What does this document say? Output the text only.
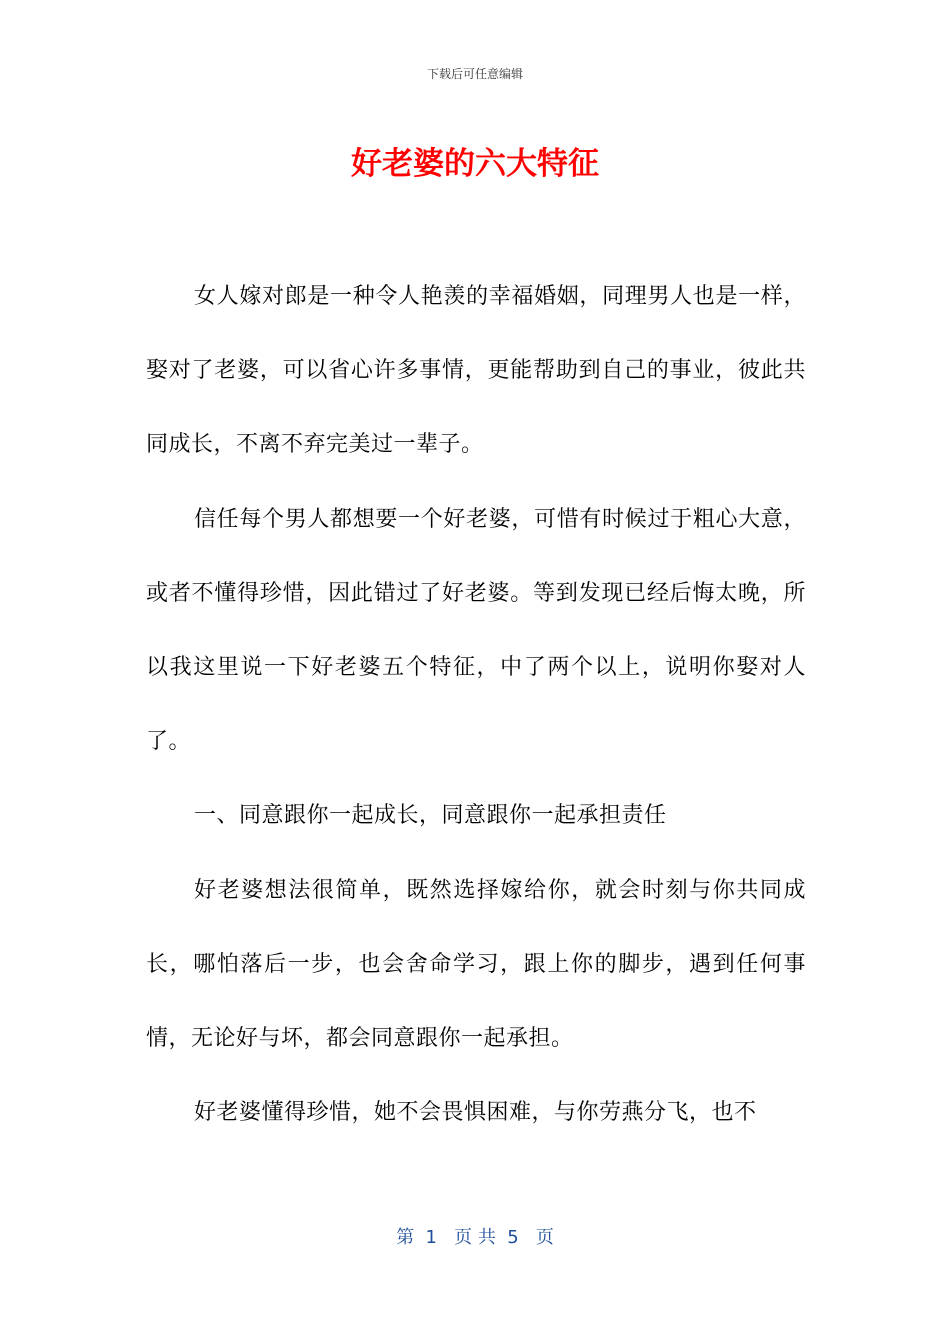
下载后可任意编辑
好老婆的六大特征

女人嫁对郎是一种令人艳羡的幸福婚姻，同理男人也是一样，娶对了老婆，可以省心许多事情，更能帮助到自己的事业，彼此共同成长，不离不弃完美过一辈子。

信任每个男人都想要一个好老婆，可惜有时候过于粗心大意，或者不懂得珍惜，因此错过了好老婆。等到发现已经后悔太晚，所以我这里说一下好老婆五个特征，中了两个以上，说明你娶对人了。

一、同意跟你一起成长，同意跟你一起承担责任

好老婆想法很简单，既然选择嫁给你，就会时刻与你共同成长，哪怕落后一步，也会舍命学习，跟上你的脚步，遇到任何事情，无论好与坏，都会同意跟你一起承担。

好老婆懂得珍惜，她不会畏惧困难，与你劳燕分飞，也不

第  1   页 共  5   页
